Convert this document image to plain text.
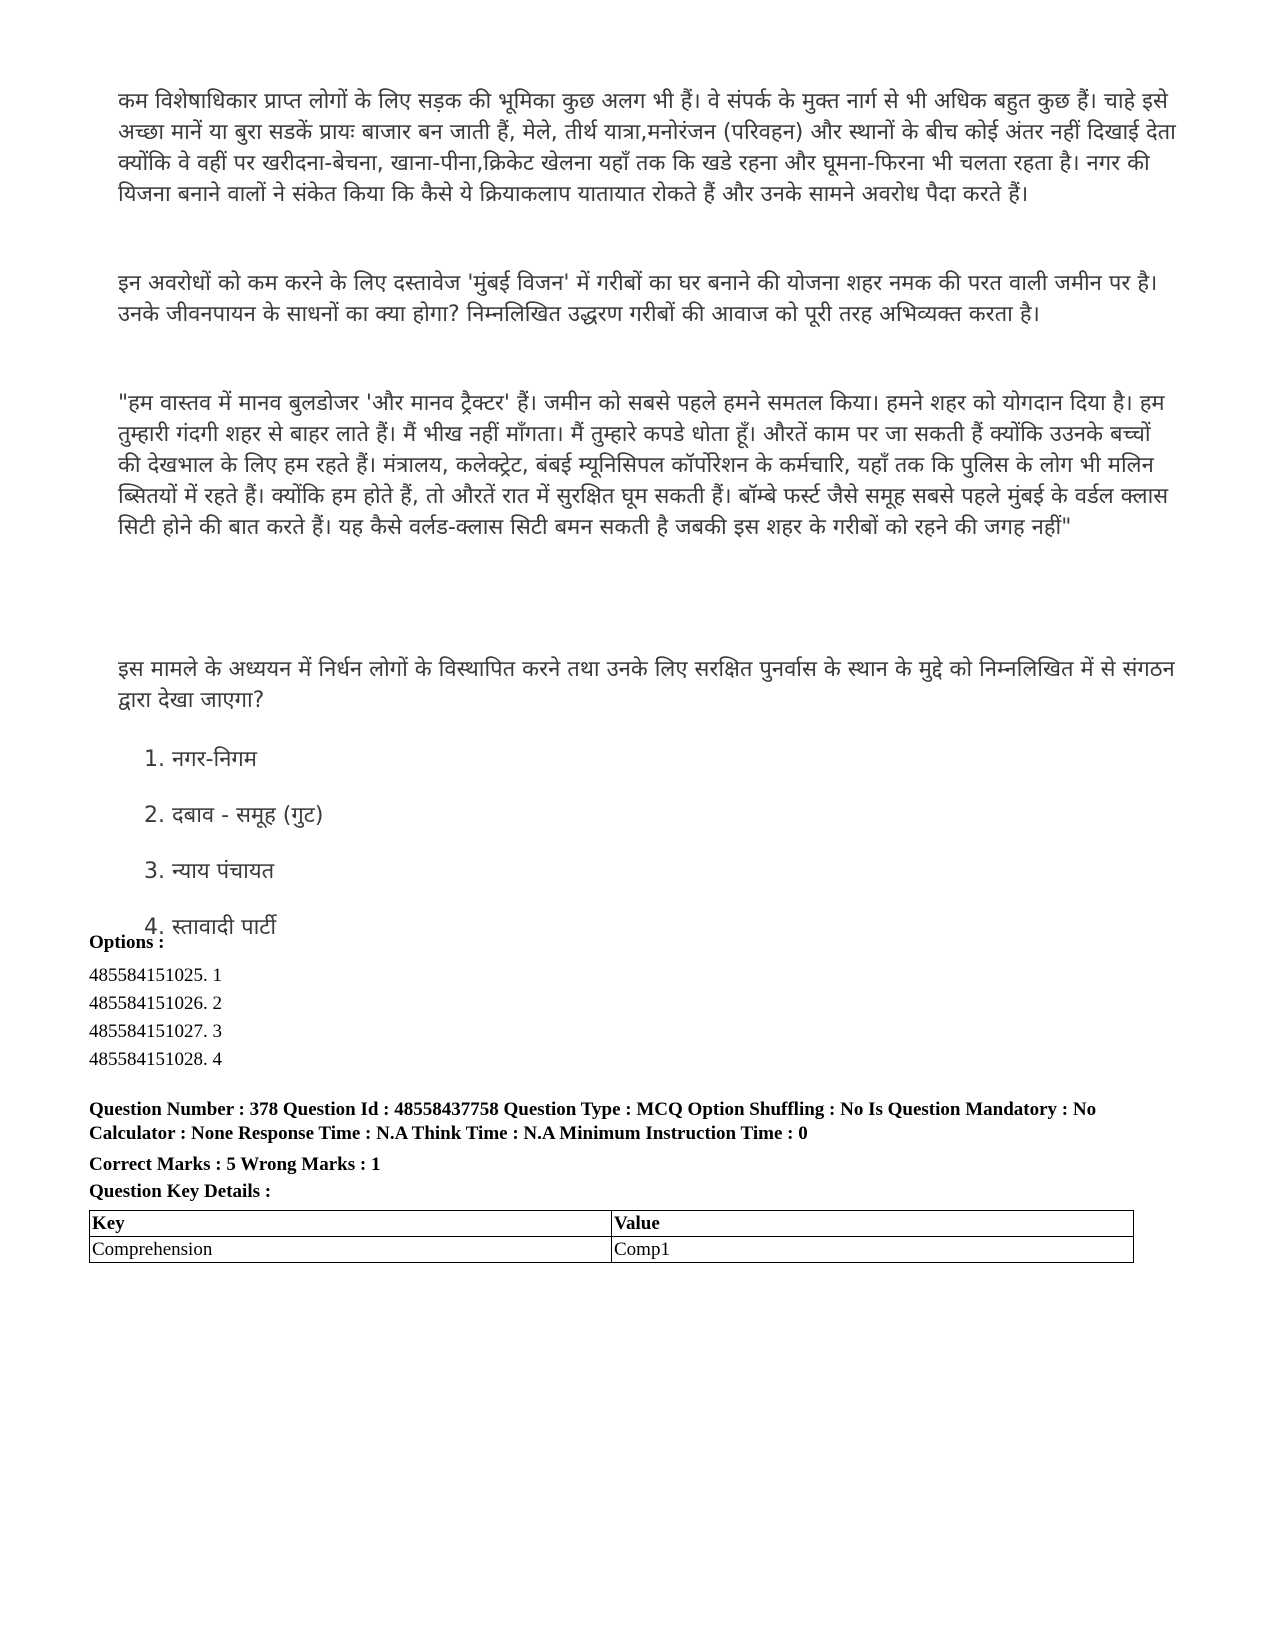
कम विशेषाधिकार प्राप्त लोगों के लिए सड़क की भूमिका कुछ अलग भी हैं। वे संपर्क के मुक्त नार्ग से भी अधिक बहुत कुछ हैं। चाहे इसे अच्छा मानें या बुरा सडकें प्रायः बाजार बन जाती हैं, मेले, तीर्थ यात्रा,मनोरंजन (परिवहन) और स्थानों के बीच कोई अंतर नहीं दिखाई देता क्योंकि वे वहीं पर खरीदना-बेचना, खाना-पीना,क्रिकेट खेलना यहाँ तक कि खडे रहना और घूमना-फिरना भी चलता रहता है। नगर की यिजना बनाने वालों ने संकेत किया कि कैसे ये क्रियाकलाप यातायात रोकते हैं और उनके सामने अवरोध पैदा करते हैं।

इन अवरोधों को कम करने के लिए दस्तावेज 'मुंबई विजन' में गरीबों का घर बनाने की योजना शहर नमक की परत वाली जमीन पर है। उनके जीवनपायन के साधनों का क्या होगा? निम्नलिखित उद्धरण गरीबों की आवाज को पूरी तरह अभिव्यक्त करता है।

"हम वास्तव में मानव बुलडोजर 'और मानव ट्रैक्टर' हैं। जमीन को सबसे पहले हमने समतल किया। हमने शहर को योगदान दिया है। हम तुम्हारी गंदगी शहर से बाहर लाते हैं। मैं भीख नहीं माँगता। मैं तुम्हारे कपडे धोता हूँ। औरतें काम पर जा सकती हैं क्योंकि उउनके बच्चों की देखभाल के लिए हम रहते हैं। मंत्रालय, कलेक्ट्रेट, बंबई म्यूनिसिपल कॉर्पोरेशन के कर्मचारि, यहाँ तक कि पुलिस के लोग भी मलिन ब्सितयों में रहते हैं। क्योंकि हम होते हैं, तो औरतें रात में सुरक्षित घूम सकती हैं। बॉम्बे फर्स्ट जैसे समूह सबसे पहले मुंबई के वर्डल क्लास सिटी होने की बात करते हैं। यह कैसे वर्लड-क्लास सिटी बमन सकती है जबकी इस शहर के गरीबों को रहने की जगह नहीं"

इस मामले के अध्ययन में निर्धन लोगों के विस्थापित करने तथा उनके लिए सरक्षित पुनर्वास के स्थान के मुद्दे को निम्नलिखित में से संगठन द्वारा देखा जाएगा?

1. नगर-निगम
2. दबाव - समूह (गुट)
3. न्याय पंचायत
4. स्तावादी पार्टी
Options :
485584151025. 1
485584151026. 2
485584151027. 3
485584151028. 4
Question Number : 378 Question Id : 48558437758 Question Type : MCQ Option Shuffling : No Is Question Mandatory : No Calculator : None Response Time : N.A Think Time : N.A Minimum Instruction Time : 0
Correct Marks : 5 Wrong Marks : 1
Question Key Details :
Key	Value
Comprehension	Comp1
